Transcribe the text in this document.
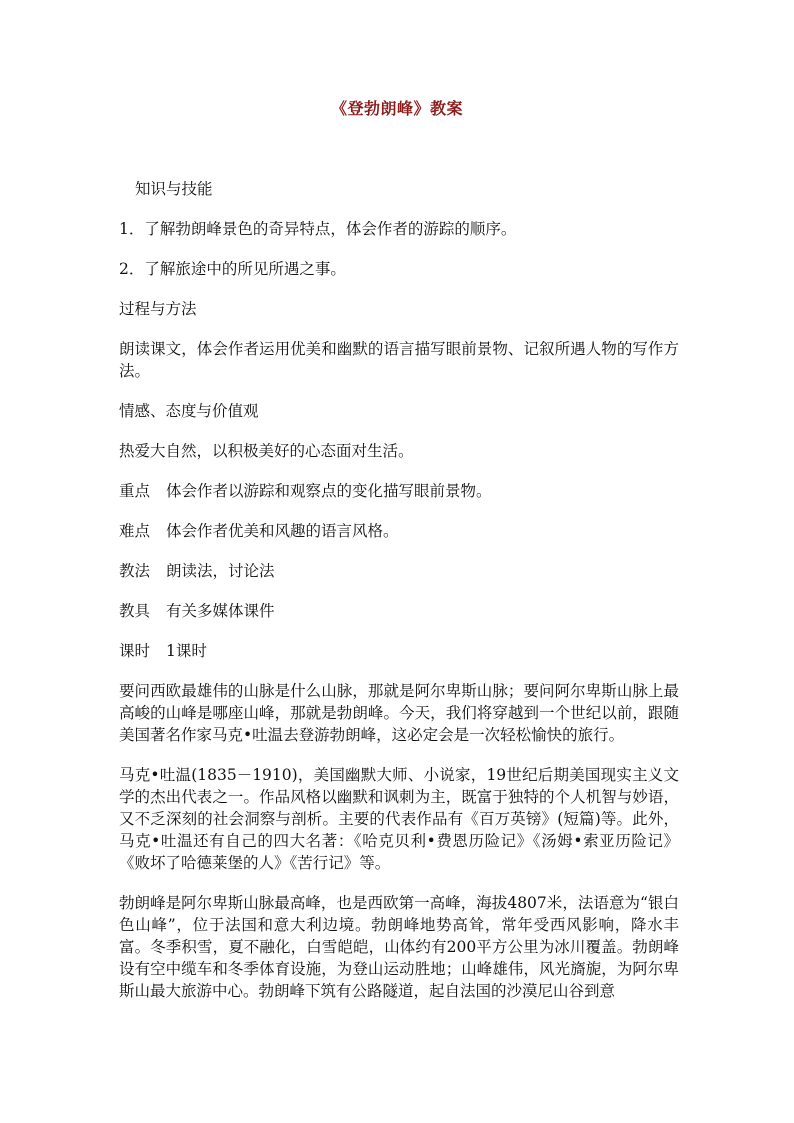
《登勃朗峰》教案

知识与技能

1．了解勃朗峰景色的奇异特点，体会作者的游踪的顺序。

2．了解旅途中的所见所遇之事。

过程与方法

朗读课文，体会作者运用优美和幽默的语言描写眼前景物、记叙所遇人物的写作方法。

情感、态度与价值观

热爱大自然，以积极美好的心态面对生活。

重点 体会作者以游踪和观察点的变化描写眼前景物。

难点 体会作者优美和风趣的语言风格。

教法 朗读法，讨论法

教具 有关多媒体课件

课时 1课时

要问西欧最雄伟的山脉是什么山脉，那就是阿尔卑斯山脉；要问阿尔卑斯山脉上最高峻的山峰是哪座山峰，那就是勃朗峰。今天，我们将穿越到一个世纪以前，跟随美国著名作家马克•吐温去登游勃朗峰，这必定会是一次轻松愉快的旅行。

马克•吐温(1835－1910)，美国幽默大师、小说家，19世纪后期美国现实主义文学的杰出代表之一。作品风格以幽默和讽刺为主，既富于独特的个人机智与妙语，又不乏深刻的社会洞察与剖析。主要的代表作品有《百万英镑》(短篇)等。此外，马克•吐温还有自己的四大名著：《哈克贝利•费恩历险记》《汤姆•索亚历险记》《败坏了哈德莱堡的人》《苦行记》等。

勃朗峰是阿尔卑斯山脉最高峰，也是西欧第一高峰，海拔4807米，法语意为“银白色山峰”，位于法国和意大利边境。勃朗峰地势高耸，常年受西风影响，降水丰富。冬季积雪，夏不融化，白雪皑皑，山体约有200平方公里为冰川覆盖。勃朗峰设有空中缆车和冬季体育设施，为登山运动胜地；山峰雄伟，风光旖旎，为阿尔卑斯山最大旅游中心。勃朗峰下筑有公路隧道，起自法国的沙漠尼山谷到意
